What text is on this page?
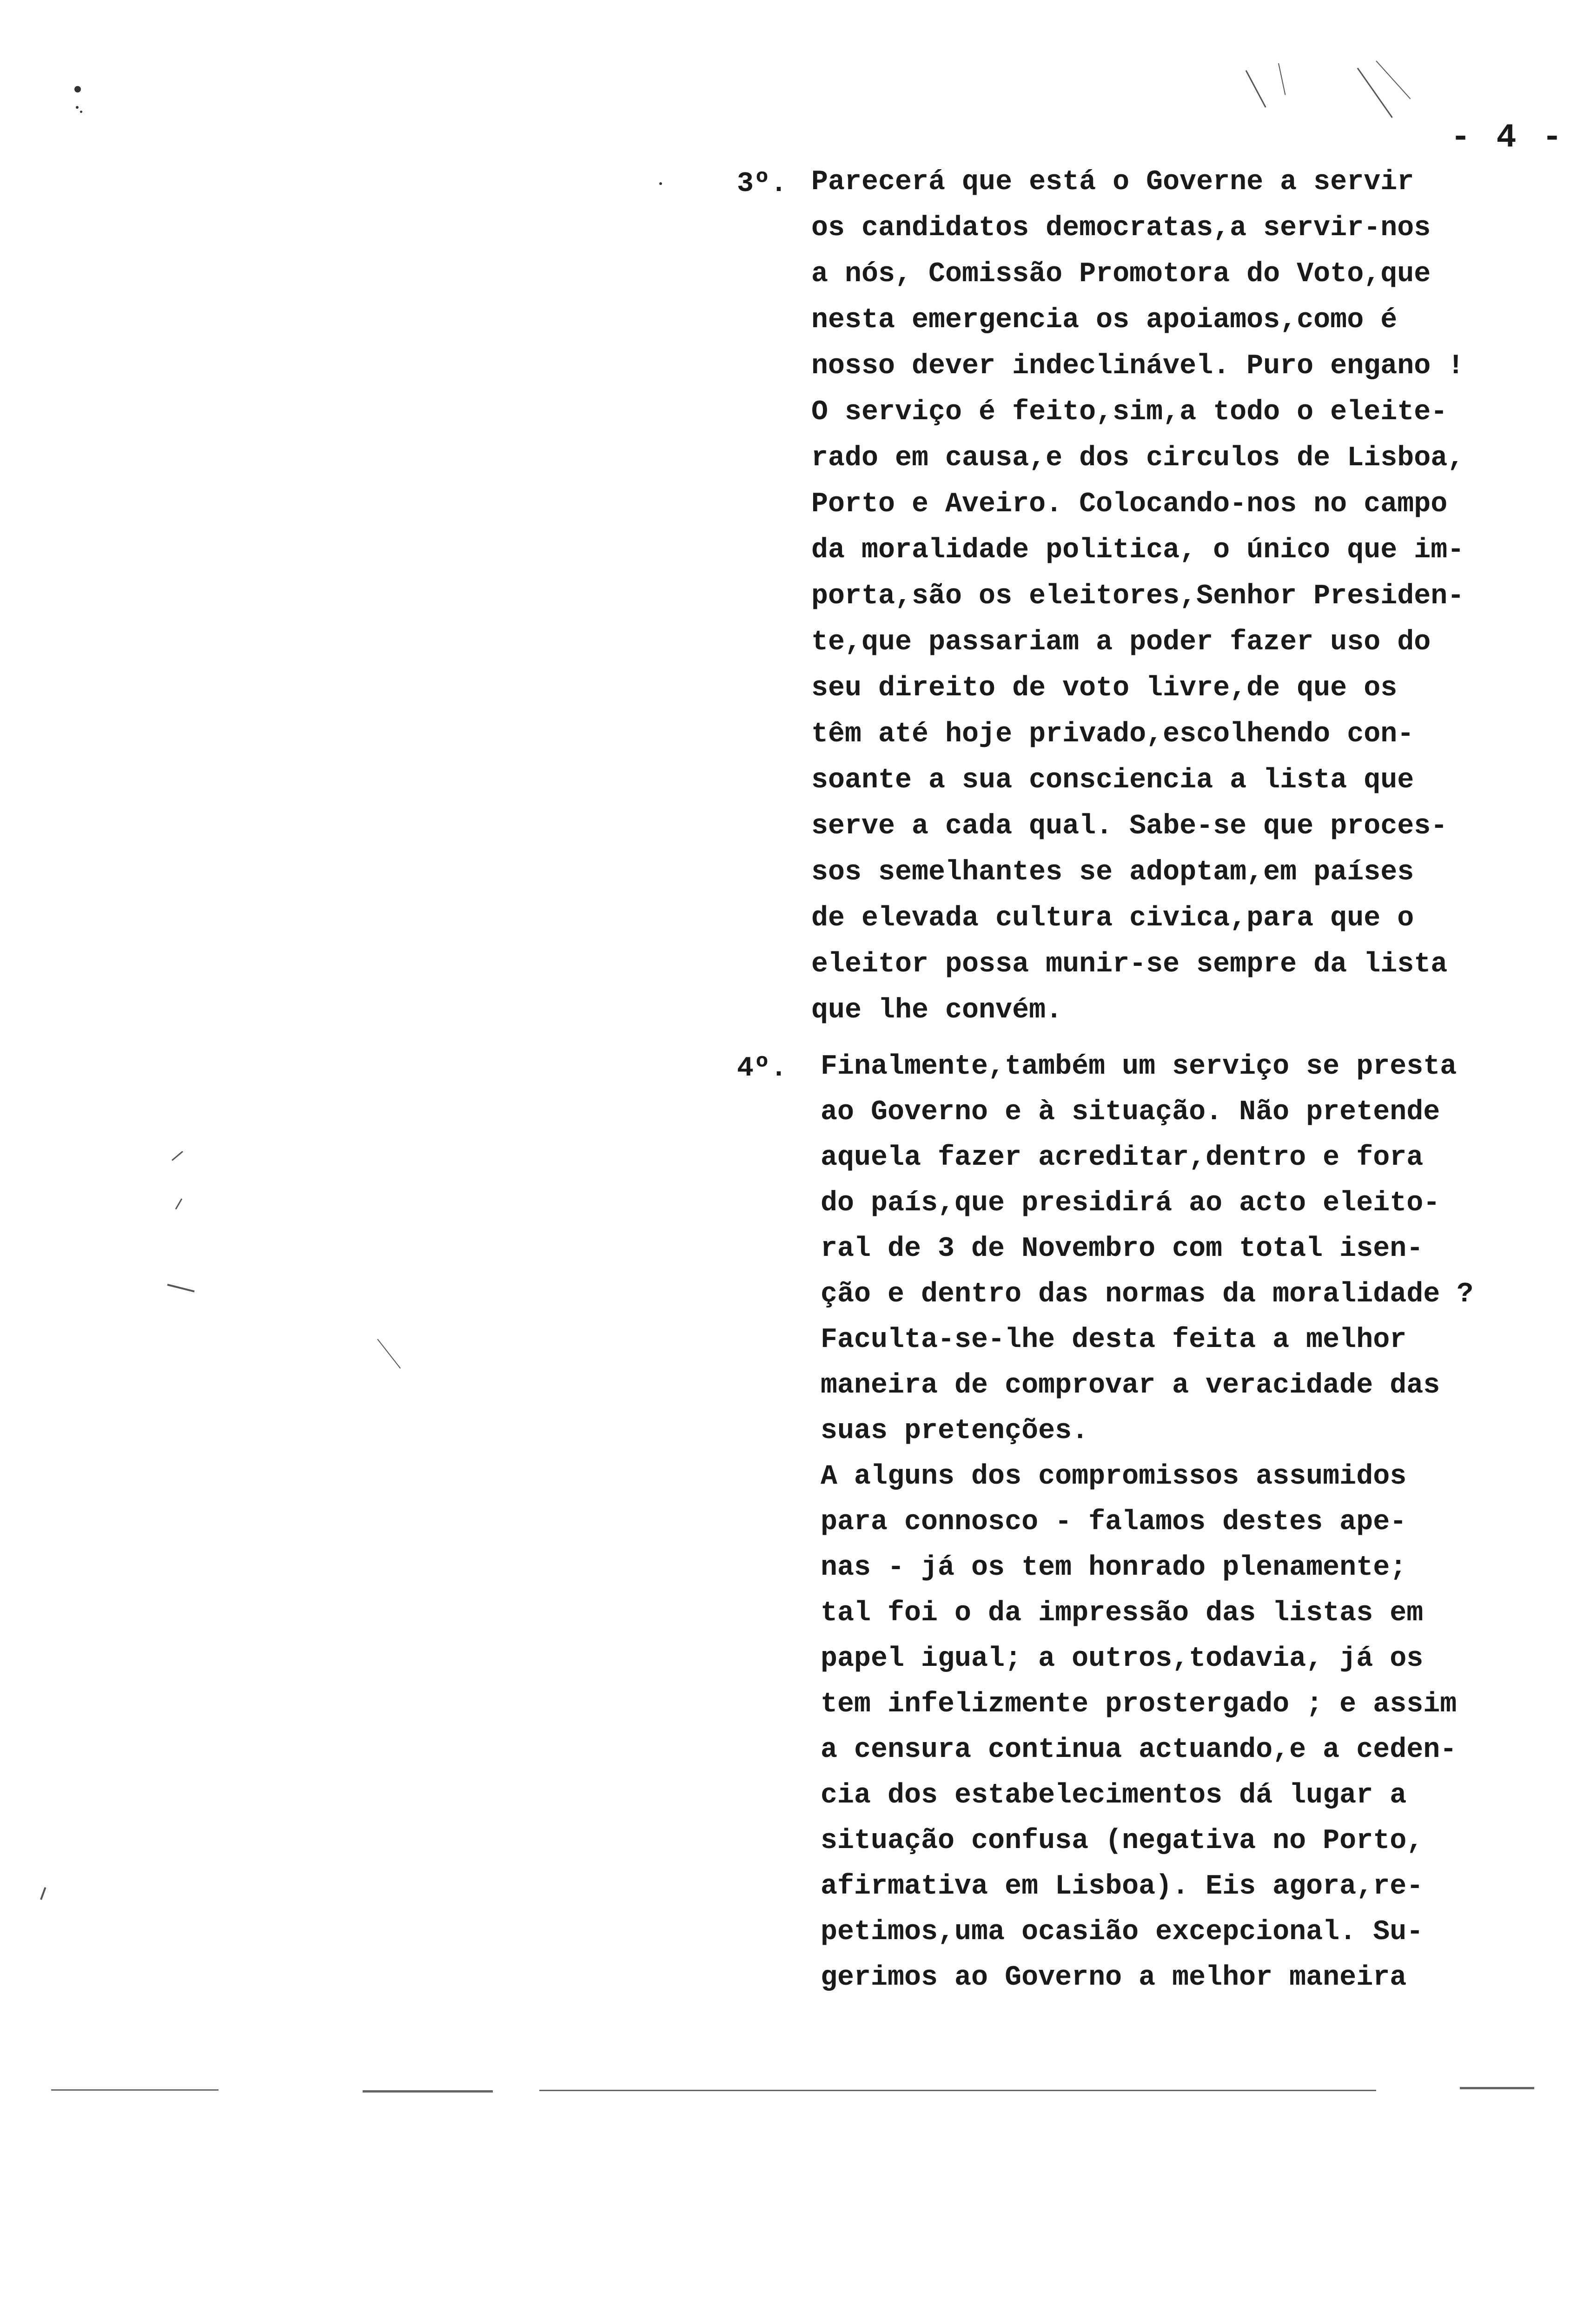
- 4 -
3º. Parecerá que está o Governe a servir
os candidatos democratas,a servir-nos
a nós, Comissão Promotora do Voto,que
nesta emergencia os apoiamos,como é
nosso dever indeclinável. Puro engano !
O serviço é feito,sim,a todo o eleite-
rado em causa,e dos circulos de Lisboa,
Porto e Aveiro. Colocando-nos no campo
da moralidade politica, o único que im-
porta,são os eleitores,Senhor Presiden-
te,que passariam a poder fazer uso do
seu direito de voto livre,de que os
têm até hoje privado,escolhendo con-
soante a sua consciencia a lista que
serve a cada qual. Sabe-se que proces-
sos semelhantes se adoptam,em países
de elevada cultura civica,para que o
eleitor possa munir-se sempre da lista
que lhe convém.
4º. Finalmente,também um serviço se presta
ao Governo e à situação. Não pretende
aquela fazer acreditar,dentro e fora
do país,que presidirá ao acto eleito-
ral de 3 de Novembro com total isen-
ção e dentro das normas da moralidade ?
Faculta-se-lhe desta feita a melhor
maneira de comprovar a veracidade das
suas pretenções.
A alguns dos compromissos assumidos
para connosco - falamos destes ape-
nas - já os tem honrado plenamente;
tal foi o da impressão das listas em
papel igual; a outros,todavia, já os
tem infelizmente prostergado ; e assim
a censura continua actuando,e a ceden-
cia dos estabelecimentos dá lugar a
situação confusa (negativa no Porto,
afirmativa em Lisboa). Eis agora,re-
petimos,uma ocasião excepcional. Su-
gerimos ao Governo a melhor maneira
